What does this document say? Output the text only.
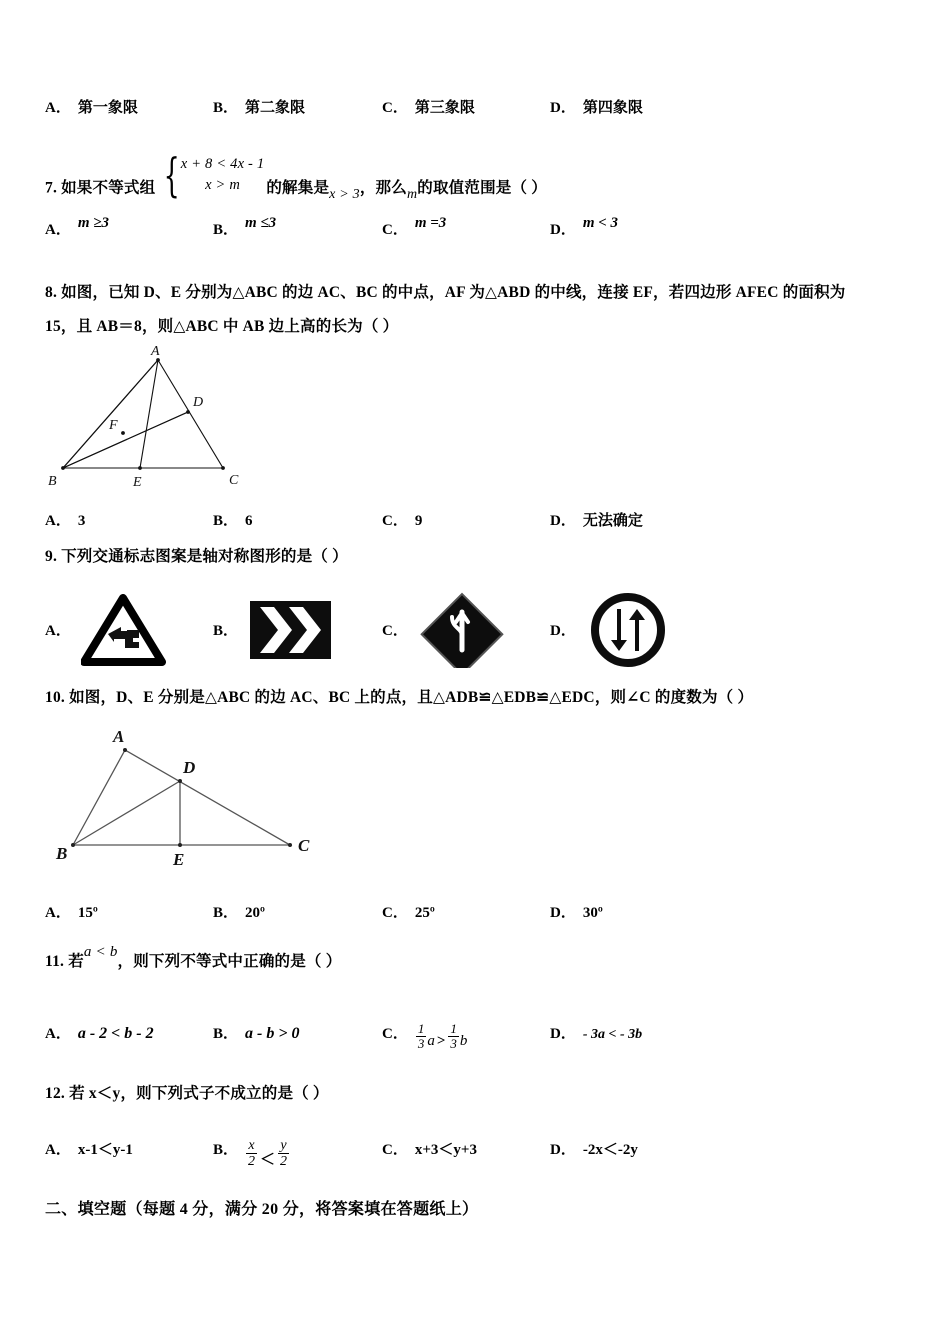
A． 第一象限	B． 第二象限	C． 第三象限	D． 第四象限
7. 如果不等式组 { x + 8 < 4x - 1
x > m	的解集是x > 3，那么m的取值范围是（ ）
A． m ≥3	B． m ≤3	C． m =3	D． m < 3
8. 如图，已知 D、E 分别为△ABC 的边 AC、BC 的中点，AF 为△ABD 的中线，连接 EF，若四边形 AFEC 的面积为
15，且 AB＝8，则△ABC 中 AB 边上高的长为（ ）
A
B	C
D
E
F
A． 3	B． 6	C． 9	D． 无法确定
9. 下列交通标志图案是轴对称图形的是（ ）
A．	B．	C．	D．
10. 如图，D、E 分别是△ABC 的边 AC、BC 上的点，且△ADB≌△EDB≌△EDC，则∠C 的度数为（ ）
A
B	C
D
E
A． 15º	B． 20º	C． 25º	D． 30º
11. 若a < b，则下列不等式中正确的是（ ）
A． a - 2 < b - 2	B． a - b > 0	C． $\frac{1}{3}$ $a > \frac{1}{3}$ b	D． - 3a < - 3b
12. 若 x＜y，则下列式子不成立的是（ ）
A． x-1＜y-1	B． $\frac{x}{2} < \frac{y}{2}$	C． x+3＜y+3	D． -2x＜-2y
二、填空题（每题 4 分，满分 20 分，将答案填在答题纸上）
